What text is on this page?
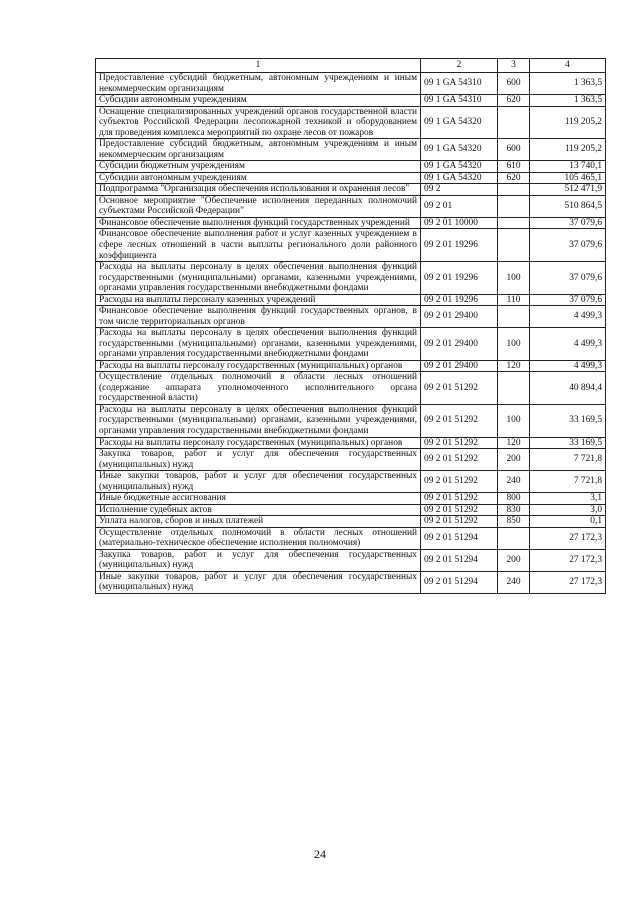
1	2	3	4
Предоставление субсидий бюджетным, автономным учреждениям и иным некоммерческим организациям	09 1 GA 54310	600	1 363,5
Субсидии автономным учреждениям	09 1 GA 54310	620	1 363,5
Оснащение специализированных учреждений органов государственной власти субъектов Российской Федерации лесопожарной техникой и оборудованием для проведения комплекса мероприятий по охране лесов от пожаров	09 1 GA 54320		119 205,2
Предоставление субсидий бюджетным, автономным учреждениям и иным некоммерческим организациям	09 1 GA 54320	600	119 205,2
Субсидии бюджетным учреждениям	09 1 GA 54320	610	13 740,1
Субсидии автономным учреждениям	09 1 GA 54320	620	105 465,1
Подпрограмма "Организация обеспечения использования и охранения лесов"	09 2		512 471,9
Основное мероприятие "Обеспечение исполнения переданных полномочий субъектами Российской Федерации"	09 2 01		510 864,5
Финансовое обеспечение выполнения функций государственных учреждений	09 2 01 10000		37 079,6
Финансовое обеспечение выполнения работ и услуг казенных учреждением в сфере лесных отношений в части выплаты регионального доли районного коэффициента	09 2 01 19296		37 079,6
Расходы на выплаты персоналу в целях обеспечения выполнения функций государственными (муниципальными) органами, казенными учреждениями, органами управления государственными внебюджетными фондами	09 2 01 19296	100	37 079,6
Расходы на выплаты персоналу казенных учреждений	09 2 01 19296	110	37 079,6
Финансовое обеспечение выполнения функций государственных органов, в том числе территориальных органов	09 2 01 29400		4 499,3
Расходы на выплаты персоналу в целях обеспечения выполнения функций государственными (муниципальными) органами, казенными учреждениями, органами управления государственными внебюджетными фондами	09 2 01 29400	100	4 499,3
Расходы на выплаты персоналу государственных (муниципальных) органов	09 2 01 29400	120	4 499,3
Осуществление отдельных полномочий в области лесных отношений (содержание аппарата уполномоченного исполнительного органа государственной власти)	09 2 01 51292		40 894,4
Расходы на выплаты персоналу в целях обеспечения выполнения функций государственными (муниципальными) органами, казенными учреждениями, органами управления государственными внебюджетными фондами	09 2 01 51292	100	33 169,5
Расходы на выплаты персоналу государственных (муниципальных) органов	09 2 01 51292	120	33 169,5
Закупка товаров, работ и услуг для обеспечения государственных (муниципальных) нужд	09 2 01 51292	200	7 721,8
Иные закупки товаров, работ и услуг для обеспечения государственных (муниципальных) нужд	09 2 01 51292	240	7 721,8
Иные бюджетные ассигнования	09 2 01 51292	800	3,1
Исполнение судебных актов	09 2 01 51292	830	3,0
Уплата налогов, сборов и иных платежей	09 2 01 51292	850	0,1
Осуществление отдельных полномочий в области лесных отношений (материально-техническое обеспечение исполнения полномочия)	09 2 01 51294		27 172,3
Закупка товаров, работ и услуг для обеспечения государственных (муниципальных) нужд	09 2 01 51294	200	27 172,3
Иные закупки товаров, работ и услуг для обеспечения государственных (муниципальных) нужд	09 2 01 51294	240	27 172,3
24
